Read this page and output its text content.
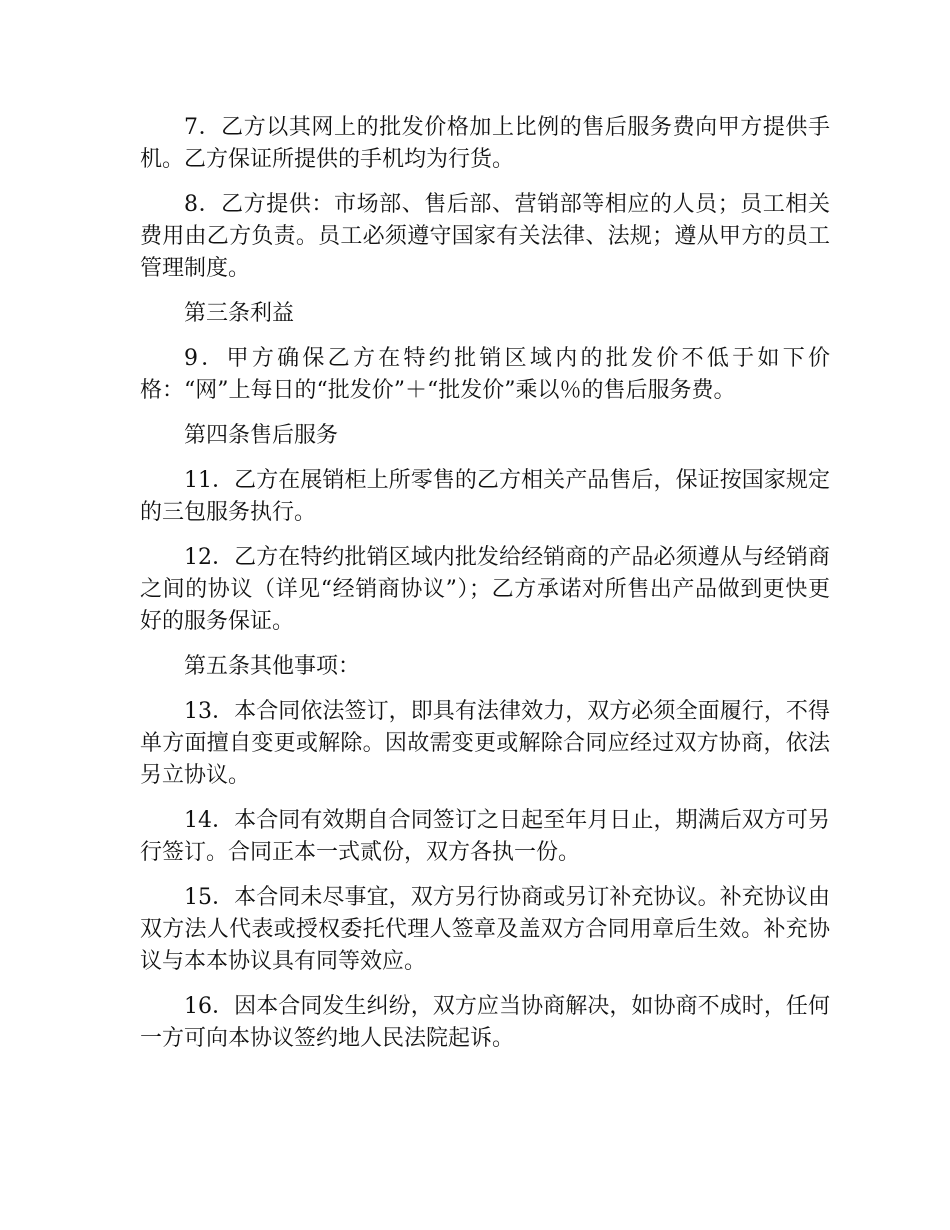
7．乙方以其网上的批发价格加上比例的售后服务费向甲方提供手机。乙方保证所提供的手机均为行货。

8．乙方提供：市场部、售后部、营销部等相应的人员；员工相关费用由乙方负责。员工必须遵守国家有关法律、法规；遵从甲方的员工管理制度。

第三条利益

9．甲方确保乙方在特约批销区域内的批发价不低于如下价格：“网”上每日的“批发价”＋“批发价”乘以％的售后服务费。

第四条售后服务

11．乙方在展销柜上所零售的乙方相关产品售后，保证按国家规定的三包服务执行。

12．乙方在特约批销区域内批发给经销商的产品必须遵从与经销商之间的协议（详见“经销商协议”）；乙方承诺对所售出产品做到更快更好的服务保证。

第五条其他事项：

13．本合同依法签订，即具有法律效力，双方必须全面履行，不得单方面擅自变更或解除。因故需变更或解除合同应经过双方协商，依法另立协议。

14．本合同有效期自合同签订之日起至年月日止，期满后双方可另行签订。合同正本一式贰份，双方各执一份。

15．本合同未尽事宜，双方另行协商或另订补充协议。补充协议由双方法人代表或授权委托代理人签章及盖双方合同用章后生效。补充协议与本本协议具有同等效应。

16．因本合同发生纠纷，双方应当协商解决，如协商不成时，任何一方可向本协议签约地人民法院起诉。
